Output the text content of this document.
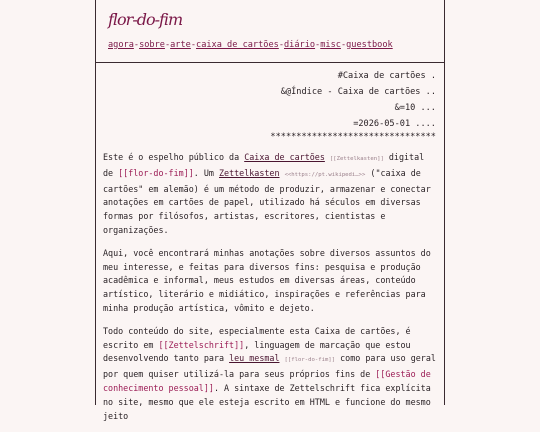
flor-do-fim
agora-sobre-arte-caixa de cartões-diário-misc-guestbook
#Caixa de cartões .
&@Índice - Caixa de cartões ..
&=10 ...
=2026-05-01 ....
********************************

Este é o espelho público da Caixa de cartões [[Zettelkasten]] digital de [[flor-do-fim]]. Um Zettelkasten <<https://pt.wikipedi…>> ("caixa de cartões" em alemão) é um método de produzir, armazenar e conectar anotações em cartões de papel, utilizado há séculos em diversas formas por filósofos, artistas, escritores, cientistas e organizações.

Aqui, você encontrará minhas anotações sobre diversos assuntos do meu interesse, e feitas para diversos fins: pesquisa e produção acadêmica e informal, meus estudos em diversas áreas, conteúdo artístico, literário e midiático, inspirações e referências para minha produção artística, vômito e dejeto.

Todo conteúdo do site, especialmente esta Caixa de cartões, é escrito em [[Zettelschrift]], linguagem de marcação que estou desenvolvendo tanto para leu mesmal [[flor-do-fim]] como para uso geral por quem quiser utilizá-la para seus próprios fins de [[Gestão de conhecimento pessoal]]. A sintaxe de Zettelschrift fica explícita no site, mesmo que ele esteja escrito em HTML e funcione do mesmo jeito
